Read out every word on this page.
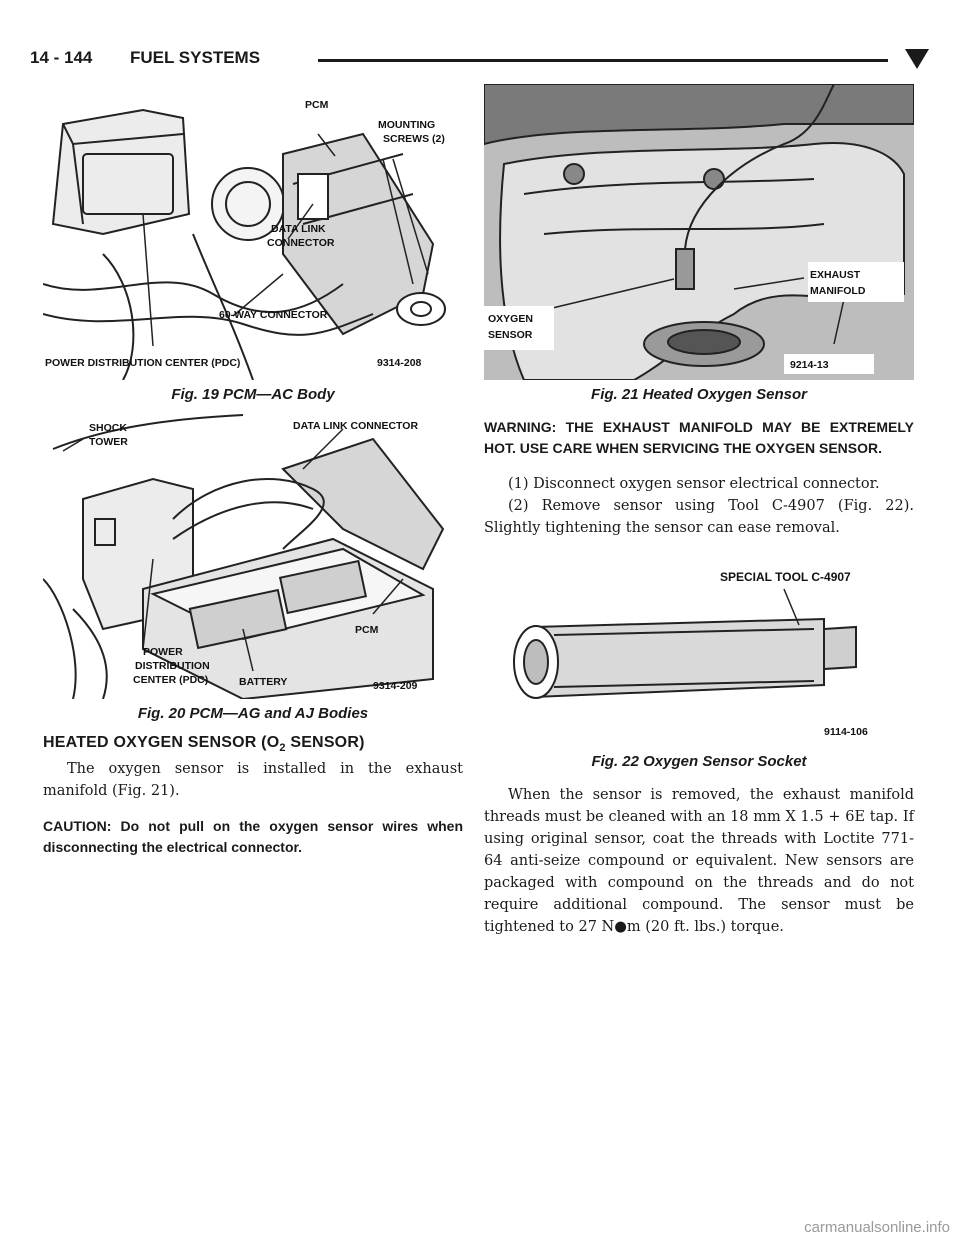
14 - 144 FUEL SYSTEMS
PCM
MOUNTING
SCREWS (2)
DATA LINK
CONNECTOR
60-WAY CONNECTOR
POWER DISTRIBUTION CENTER (PDC)	9314-208

Fig. 19 PCM—AC Body

SHOCK
TOWER
DATA LINK CONNECTOR
PCM
POWER
DISTRIBUTION
CENTER (PDC)	BATTERY	9314-209

Fig. 20 PCM—AG and AJ Bodies

HEATED OXYGEN SENSOR ($O_2$ SENSOR)

The oxygen sensor is installed in the exhaust manifold (Fig. 21).

CAUTION: Do not pull on the oxygen sensor wires when disconnecting the electrical connector.

EXHAUST
MANIFOLD
OXYGEN
SENSOR
9214-13

Fig. 21 Heated Oxygen Sensor

WARNING: THE EXHAUST MANIFOLD MAY BE EXTREMELY HOT. USE CARE WHEN SERVICING THE OXYGEN SENSOR.

(1) Disconnect oxygen sensor electrical connector.

(2) Remove sensor using Tool C-4907 (Fig. 22). Slightly tightening the sensor can ease removal.

SPECIAL TOOL C-4907
9114-106

Fig. 22 Oxygen Sensor Socket

When the sensor is removed, the exhaust manifold threads must be cleaned with an 18 mm X 1.5 + 6E tap. If using original sensor, coat the threads with Loctite 771-64 anti-seize compound or equivalent. New sensors are packaged with compound on the threads and do not require additional compound. The sensor must be tightened to 27 N●m (20 ft. lbs.) torque.

carmanualsonline.info
